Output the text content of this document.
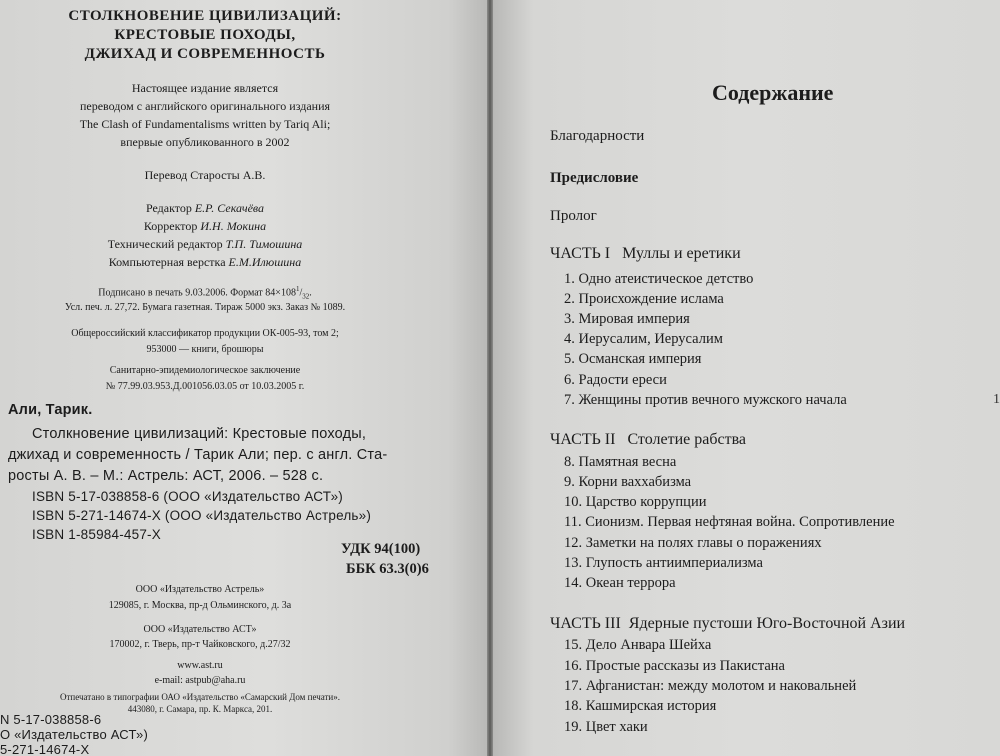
СТОЛКНОВЕНИЕ ЦИВИЛИЗАЦИЙ:
КРЕСТОВЫЕ ПОХОДЫ,
ДЖИХАД И СОВРЕМЕННОСТЬ
Настоящее издание является
переводом с английского оригинального издания
The Clash of Fundamentalisms written by Tariq Ali;
впервые опубликованного в 2002
Перевод Старосты А.В.
Редактор Е.Р. Секачёва
Корректор И.Н. Мокина
Технический редактор Т.П. Тимошина
Компьютерная верстка Е.М.Илюшина
Подписано в печать 9.03.2006. Формат $84\times 108^1/_{32}$.
Усл. печ. л. 27,72. Бумага газетная. Тираж 5000 экз. Заказ № 1089.
Общероссийский классификатор продукции ОК-005-93, том 2;
953000 — книги, брошюры
Санитарно-эпидемиологическое заключение
№ 77.99.03.953.Д.001056.03.05 от 10.03.2005 г.
Али, Тарик.
Столкновение цивилизаций: Крестовые походы,
джихад и современность / Тарик Али; пер. с англ. Ста-
росты А. В. – М.: Астрель: АСТ, 2006. – 528 с.
ISBN 5-17-038858-6 (ООО «Издательство АСТ»)
ISBN 5-271-14674-X (ООО «Издательство Астрель»)
ISBN 1-85984-457-X
УДК 94(100)
ББК 63.3(0)6
ООО «Издательство Астрель»
129085, г. Москва, пр-д Ольминского, д. 3а
ООО «Издательство АСТ»
170002, г. Тверь, пр-т Чайковского, д.27/32
www.ast.ru
e-mail: astpub@aha.ru
Отпечатано в типографии ОАО «Издательство «Самарский Дом печати».
443080, г. Самара, пр. К. Маркса, 201.
N 5-17-038858-6
О «Издательство АСТ»)
5-271-14674-X
Содержание
Благодарности
Предисловие
Пролог
ЧАСТЬ I Муллы и еретики
1. Одно атеистическое детство
2. Происхождение ислама
3. Мировая империя
4. Иерусалим, Иерусалим
5. Османская империя
6. Радости ереси
7. Женщины против вечного мужского начала
ЧАСТЬ II Столетие рабства
8. Памятная весна
9. Корни ваххабизма
10. Царство коррупции
11. Сионизм. Первая нефтяная война. Сопротивление
12. Заметки на полях главы о поражениях
13. Глупость антиимпериализма
14. Океан террора
ЧАСТЬ III Ядерные пустоши Юго-Восточной Азии
15. Дело Анвара Шейха
16. Простые рассказы из Пакистана
17. Афганистан: между молотом и наковальней
18. Кашмирская история
19. Цвет хаки
1
